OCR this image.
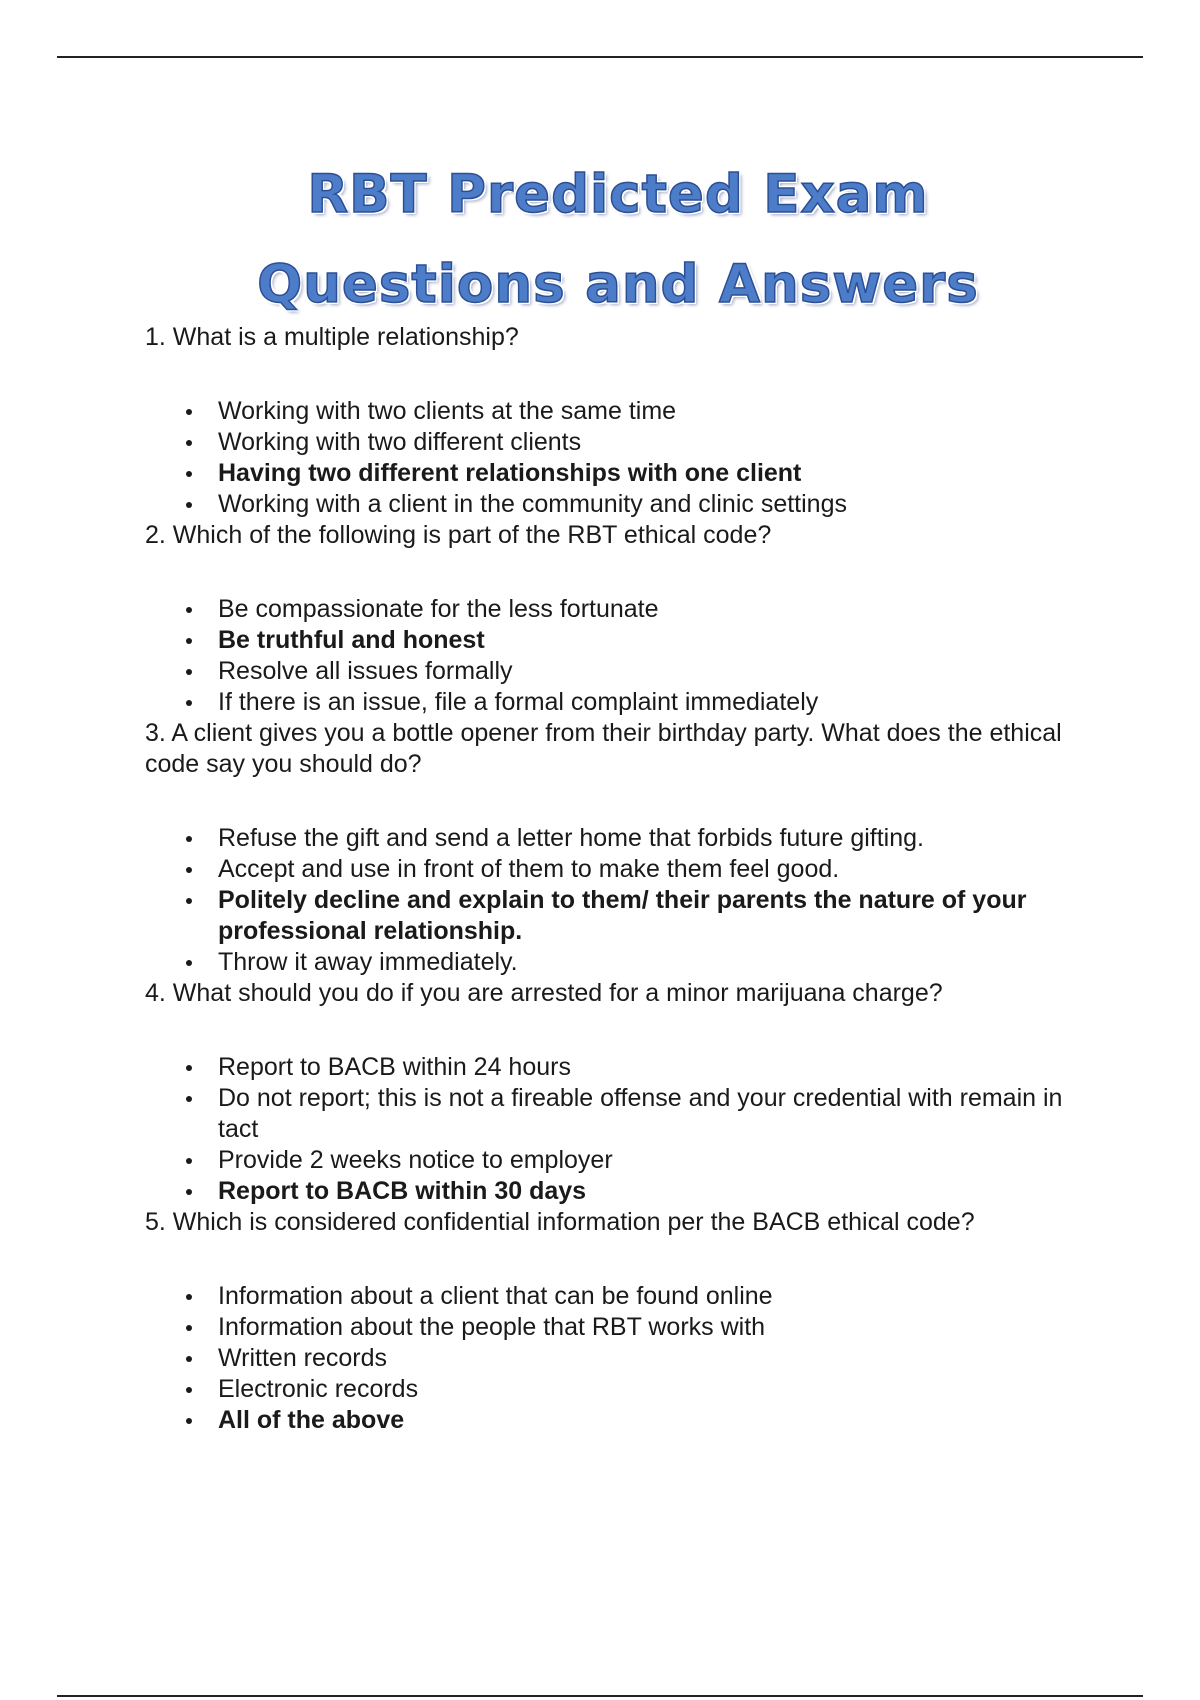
RBT Predicted Exam
Questions and Answers

1. What is a multiple relationship?

Working with two clients at the same time
Working with two different clients
Having two different relationships with one client
Working with a client in the community and clinic settings

2. Which of the following is part of the RBT ethical code?

Be compassionate for the less fortunate
Be truthful and honest
Resolve all issues formally
If there is an issue, file a formal complaint immediately

3. A client gives you a bottle opener from their birthday party. What does the ethical code say you should do?

Refuse the gift and send a letter home that forbids future gifting.
Accept and use in front of them to make them feel good.
Politely decline and explain to them/ their parents the nature of your professional relationship.
Throw it away immediately.

4. What should you do if you are arrested for a minor marijuana charge?

Report to BACB within 24 hours
Do not report; this is not a fireable offense and your credential with remain in tact
Provide 2 weeks notice to employer
Report to BACB within 30 days

5. Which is considered confidential information per the BACB ethical code?

Information about a client that can be found online
Information about the people that RBT works with
Written records
Electronic records
All of the above
